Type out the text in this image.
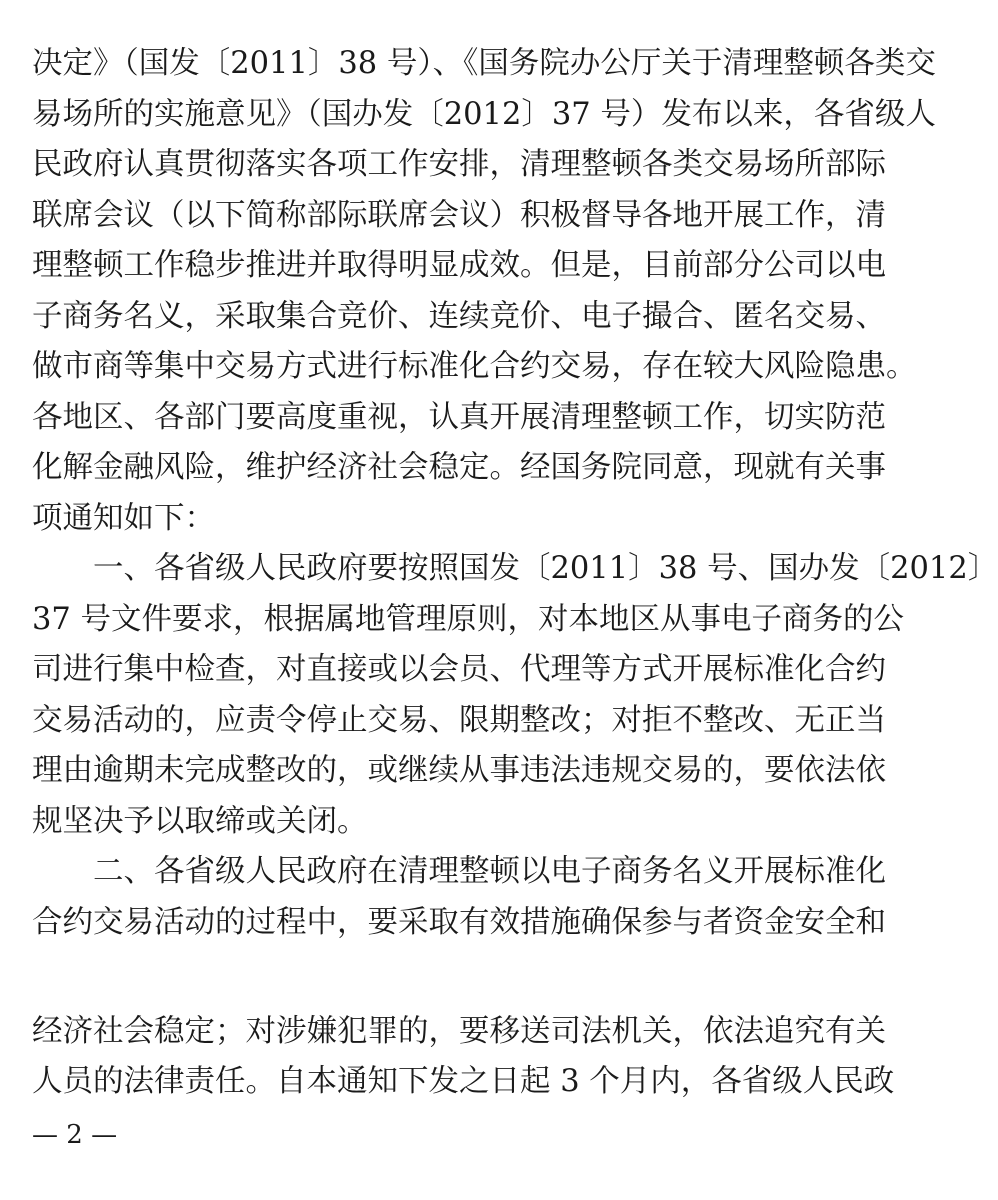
决定》（国发〔2011〕38 号）、《国务院办公厅关于清理整顿各类交
易场所的实施意见》（国办发〔2012〕37 号）发布以来，各省级人
民政府认真贯彻落实各项工作安排，清理整顿各类交易场所部际
联席会议（以下简称部际联席会议）积极督导各地开展工作，清
理整顿工作稳步推进并取得明显成效。但是，目前部分公司以电
子商务名义，采取集合竞价、连续竞价、电子撮合、匿名交易、
做市商等集中交易方式进行标准化合约交易，存在较大风险隐患。
各地区、各部门要高度重视，认真开展清理整顿工作，切实防范
化解金融风险，维护经济社会稳定。经国务院同意，现就有关事
项通知如下：
　　一、各省级人民政府要按照国发〔2011〕38 号、国办发〔2012〕
37 号文件要求，根据属地管理原则，对本地区从事电子商务的公
司进行集中检查，对直接或以会员、代理等方式开展标准化合约
交易活动的，应责令停止交易、限期整改；对拒不整改、无正当
理由逾期未完成整改的，或继续从事违法违规交易的，要依法依
规坚决予以取缔或关闭。
　　二、各省级人民政府在清理整顿以电子商务名义开展标准化
合约交易活动的过程中，要采取有效措施确保参与者资金安全和
经济社会稳定；对涉嫌犯罪的，要移送司法机关，依法追究有关
人员的法律责任。自本通知下发之日起 3 个月内，各省级人民政
— 2 —
